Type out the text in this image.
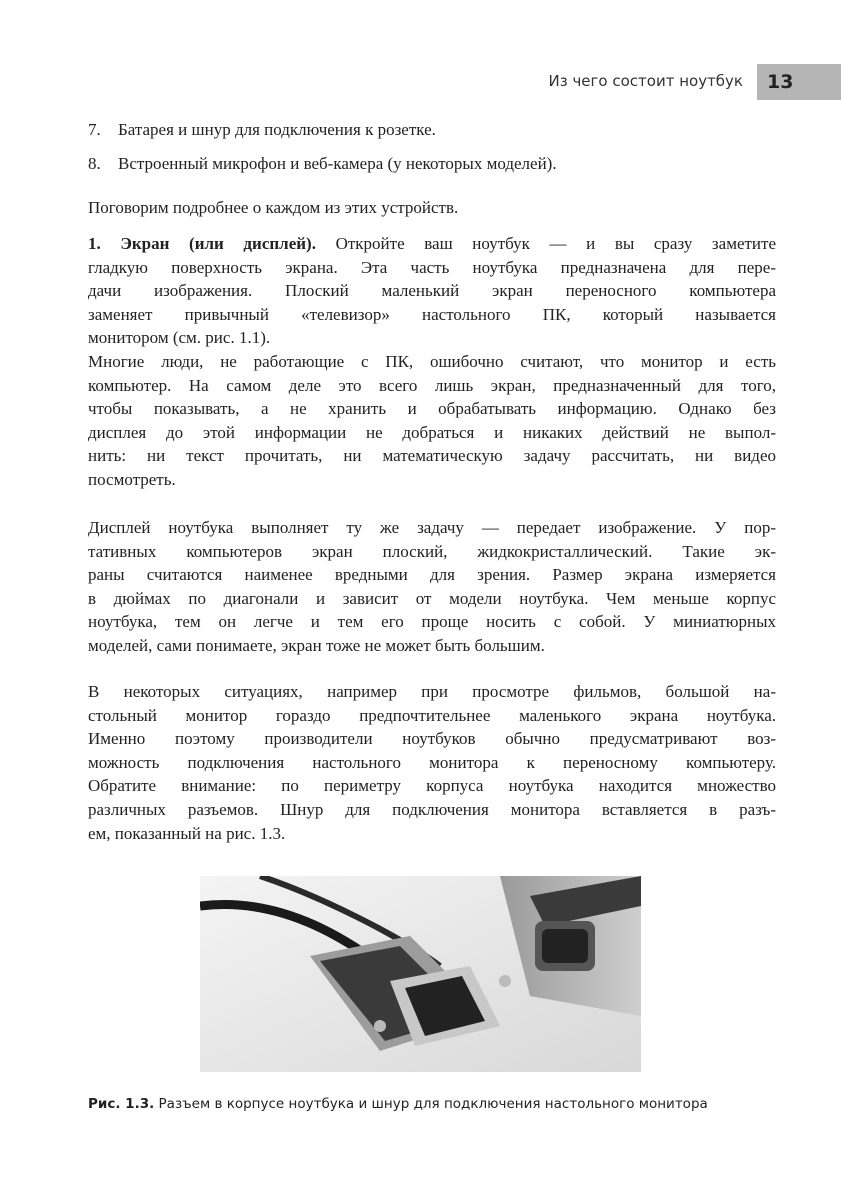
Из чего состоит ноутбук	13
7. Батарея и шнур для подключения к розетке.
8. Встроенный микрофон и веб-камера (у некоторых моделей).
Поговорим подробнее о каждом из этих устройств.
1. Экран (или дисплей). Откройте ваш ноутбук — и вы сразу заметите
гладкую поверхность экрана. Эта часть ноутбука предназначена для пере-
дачи изображения. Плоский маленький экран переносного компьютера
заменяет привычный «телевизор» настольного ПК, который называется
монитором (см. рис. 1.1).
Многие люди, не работающие с ПК, ошибочно считают, что монитор и есть
компьютер. На самом деле это всего лишь экран, предназначенный для того,
чтобы показывать, а не хранить и обрабатывать информацию. Однако без
дисплея до этой информации не добраться и никаких действий не выпол-
нить: ни текст прочитать, ни математическую задачу рассчитать, ни видео
посмотреть.
Дисплей ноутбука выполняет ту же задачу — передает изображение. У пор-
тативных компьютеров экран плоский, жидкокристаллический. Такие эк-
раны считаются наименее вредными для зрения. Размер экрана измеряется
в дюймах по диагонали и зависит от модели ноутбука. Чем меньше корпус
ноутбука, тем он легче и тем его проще носить с собой. У миниатюрных
моделей, сами понимаете, экран тоже не может быть большим.
В некоторых ситуациях, например при просмотре фильмов, большой на-
стольный монитор гораздо предпочтительнее маленького экрана ноутбука.
Именно поэтому производители ноутбуков обычно предусматривают воз-
можность подключения настольного монитора к переносному компьютеру.
Обратите внимание: по периметру корпуса ноутбука находится множество
различных разъемов. Шнур для подключения монитора вставляется в разъ-
ем, показанный на рис. 1.3.
Рис. 1.3. Разъем в корпусе ноутбука и шнур для подключения настольного монитора
